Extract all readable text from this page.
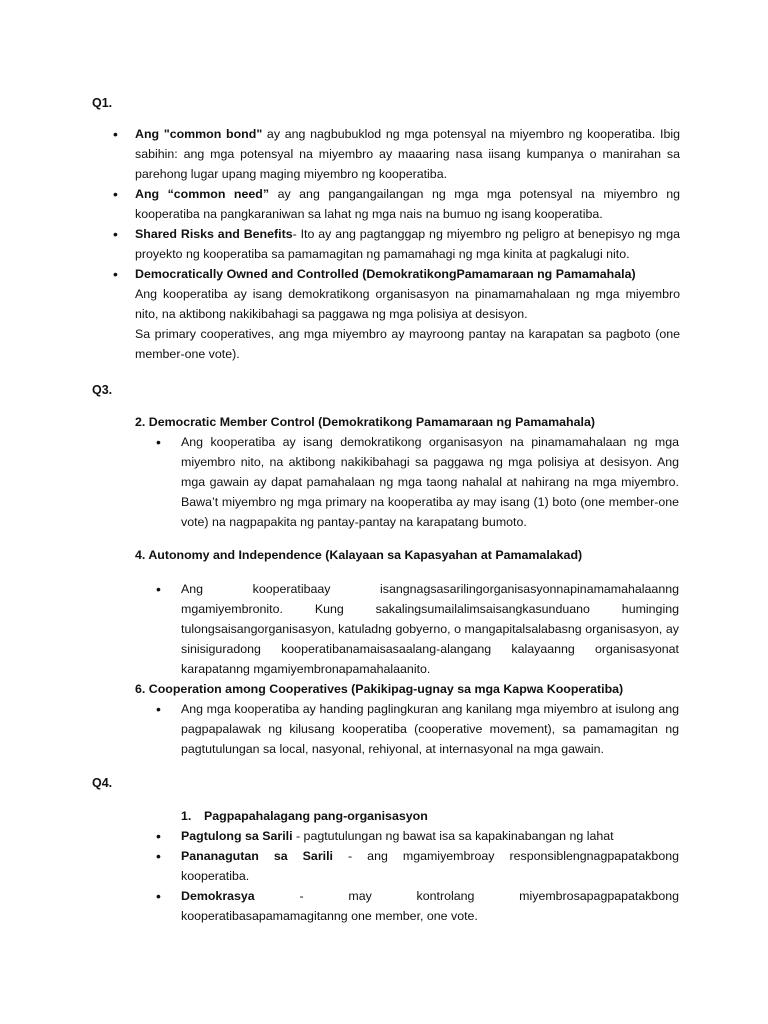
Q1.
• Ang "common bond" ay ang nagbubuklod ng mga potensyal na miyembro ng kooperatiba. Ibig sabihin: ang mga potensyal na miyembro ay maaaring nasa iisang kumpanya o manirahan sa parehong lugar upang maging miyembro ng kooperatiba.
• Ang “common need” ay ang pangangailangan ng mga mga potensyal na miyembro ng kooperatiba na pangkaraniwan sa lahat ng mga nais na bumuo ng isang kooperatiba.
• Shared Risks and Benefits- Ito ay ang pagtanggap ng miyembro ng peligro at benepisyo ng mga proyekto ng kooperatiba sa pamamagitan ng pamamahagi ng mga kinita at pagkalugi nito.
• Democratically Owned and Controlled (DemokratikongPamamaraan ng Pamamahala)
Ang kooperatiba ay isang demokratikong organisasyon na pinamamahalaan ng mga miyembro nito, na aktibong nakikibahagi sa paggawa ng mga polisiya at desisyon.
Sa primary cooperatives, ang mga miyembro ay mayroong pantay na karapatan sa pagboto (one member-one vote).
Q3.
2. Democratic Member Control (Demokratikong Pamamaraan ng Pamamahala)
• Ang kooperatiba ay isang demokratikong organisasyon na pinamamahalaan ng mga miyembro nito, na aktibong nakikibahagi sa paggawa ng mga polisiya at desisyon. Ang mga gawain ay dapat pamahalaan ng mga taong nahalal at nahirang na mga miyembro. Bawa’t miyembro ng mga primary na kooperatiba ay may isang (1) boto (one member-one vote) na nagpapakita ng pantay-pantay na karapatang bumoto.
4. Autonomy and Independence (Kalayaan sa Kapasyahan at Pamamalakad)
• Ang kooperatibaay isangnagsasarilingorganisasyonnapinamamahalaanng mgamiyembronito. Kung sakalingsumailalimsaisangkasunduano huminging tulongsaisangorganisasyon, katuladng gobyerno, o mangapitalsalabasng organisasyon, ay sinisiguradong kooperatibanamaisasaalang-alangang kalayaanng organisasyonat karapatanng mgamiyembronapamahalaanito.
6. Cooperation among Cooperatives (Pakikipag-ugnay sa mga Kapwa Kooperatiba)
• Ang mga kooperatiba ay handing paglingkuran ang kanilang mga miyembro at isulong ang pagpapalawak ng kilusang kooperatiba (cooperative movement), sa pamamagitan ng pagtutulungan sa local, nasyonal, rehiyonal, at internasyonal na mga gawain.
Q4.
1. Pagpapahalagang pang-organisasyon
• Pagtulong sa Sarili - pagtutulungan ng bawat isa sa kapakinabangan ng lahat
• Pananagutan sa Sarili - ang mgamiyembroay responsiblengnagpapatakbong kooperatiba.
• Demokrasya - may kontrolang miyembrosapagpapatakbong kooperatibasapamamagitanng one member, one vote.
